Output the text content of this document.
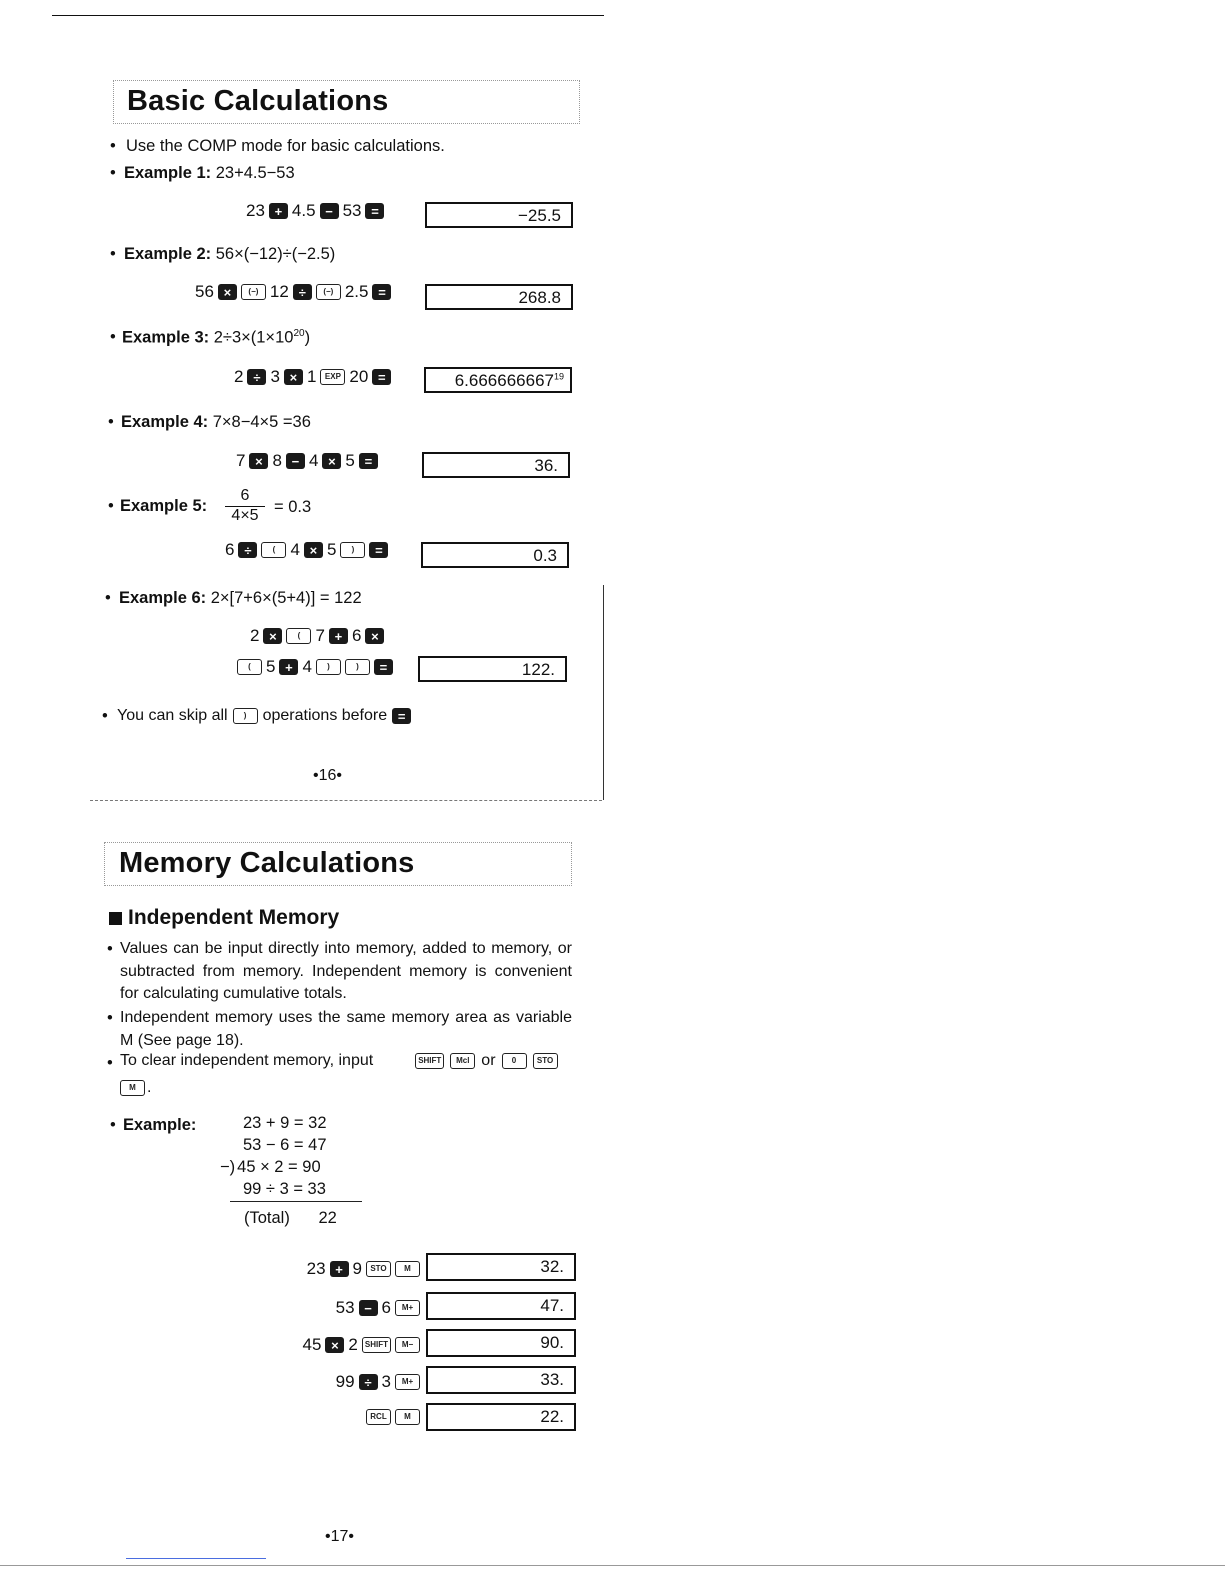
Basic Calculations
• Use the COMP mode for basic calculations.
• Example 1: 23+4.5−53
23 + 4.5 − 53 =	−25.5
• Example 2: 56×(−12)÷(−2.5)
56 ×	(−) 12 ÷	(−) 2.5 =	268.8
• Example 3: $2\div 3\times(1\times 10^{20})$
2 ÷ 3 × 1	EXP 20 =	$6.666666667^{19}$
• Example 4: 7×8−4×5 =36
7 × 8 − 4 × 5 =	36.
• Example 5: $\frac{6}{4\times 5} = 0.3$
6 ÷	( 4 × 5	)	=	0.3
• Example 6: 2×[7+6×(5+4)] = 122
2 ×	( 7 + 6 ×
( 5 + 4	)	)	=	122.
• You can skip all	)	operations before =
•16•
Memory Calculations
Independent Memory
• Values can be input directly into memory, added to memory, or subtracted from memory. Independent memory is convenient for calculating cumulative totals.
• Independent memory uses the same memory area as variable M (See page 18).
• To clear independent memory, input	SHIFT	Mcl or	0	STO
M .
• Example:	23 + 9 = 32
53 − 6 = 47
−) 45 × 2 = 90
99 ÷ 3 = 33
(Total) 22
23 + 9	STO	M	32.
53 − 6	M+	47.
45 × 2 SHIFT	M−	90.
99 ÷ 3	M+	33.
RCL	M	22.
•17•
